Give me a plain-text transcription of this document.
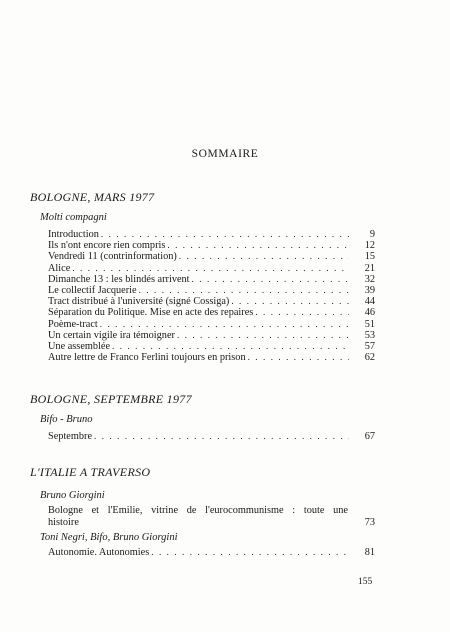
SOMMAIRE
BOLOGNE, MARS 1977
Molti compagni
Introduction . . .	9
Ils n'ont encore rien compris . . .	12
Vendredi 11 (contrinformation) . . .	15
Alice . . .	21
Dimanche 13 : les blindés arrivent . . .	32
Le collectif Jacquerie . . .	39
Tract distribué à l'université (signé Cossiga) . . .	44
Séparation du Politique. Mise en acte des repaires . . .	46
Poème-tract . . .	51
Un certain vigile ira témoigner . . .	53
Une assemblée . . .	57
Autre lettre de Franco Ferlini toujours en prison . . .	62
BOLOGNE, SEPTEMBRE 1977
Bifo - Bruno
Septembre . . .	67
L'ITALIE A TRAVERSO
Bruno Giorgini
Bologne et l'Emilie, vitrine de l'eurocommunisme : toute une
histoire	73
Toni Negri, Bifo, Bruno Giorgini
Autonomie. Autonomies . . .	81
155
